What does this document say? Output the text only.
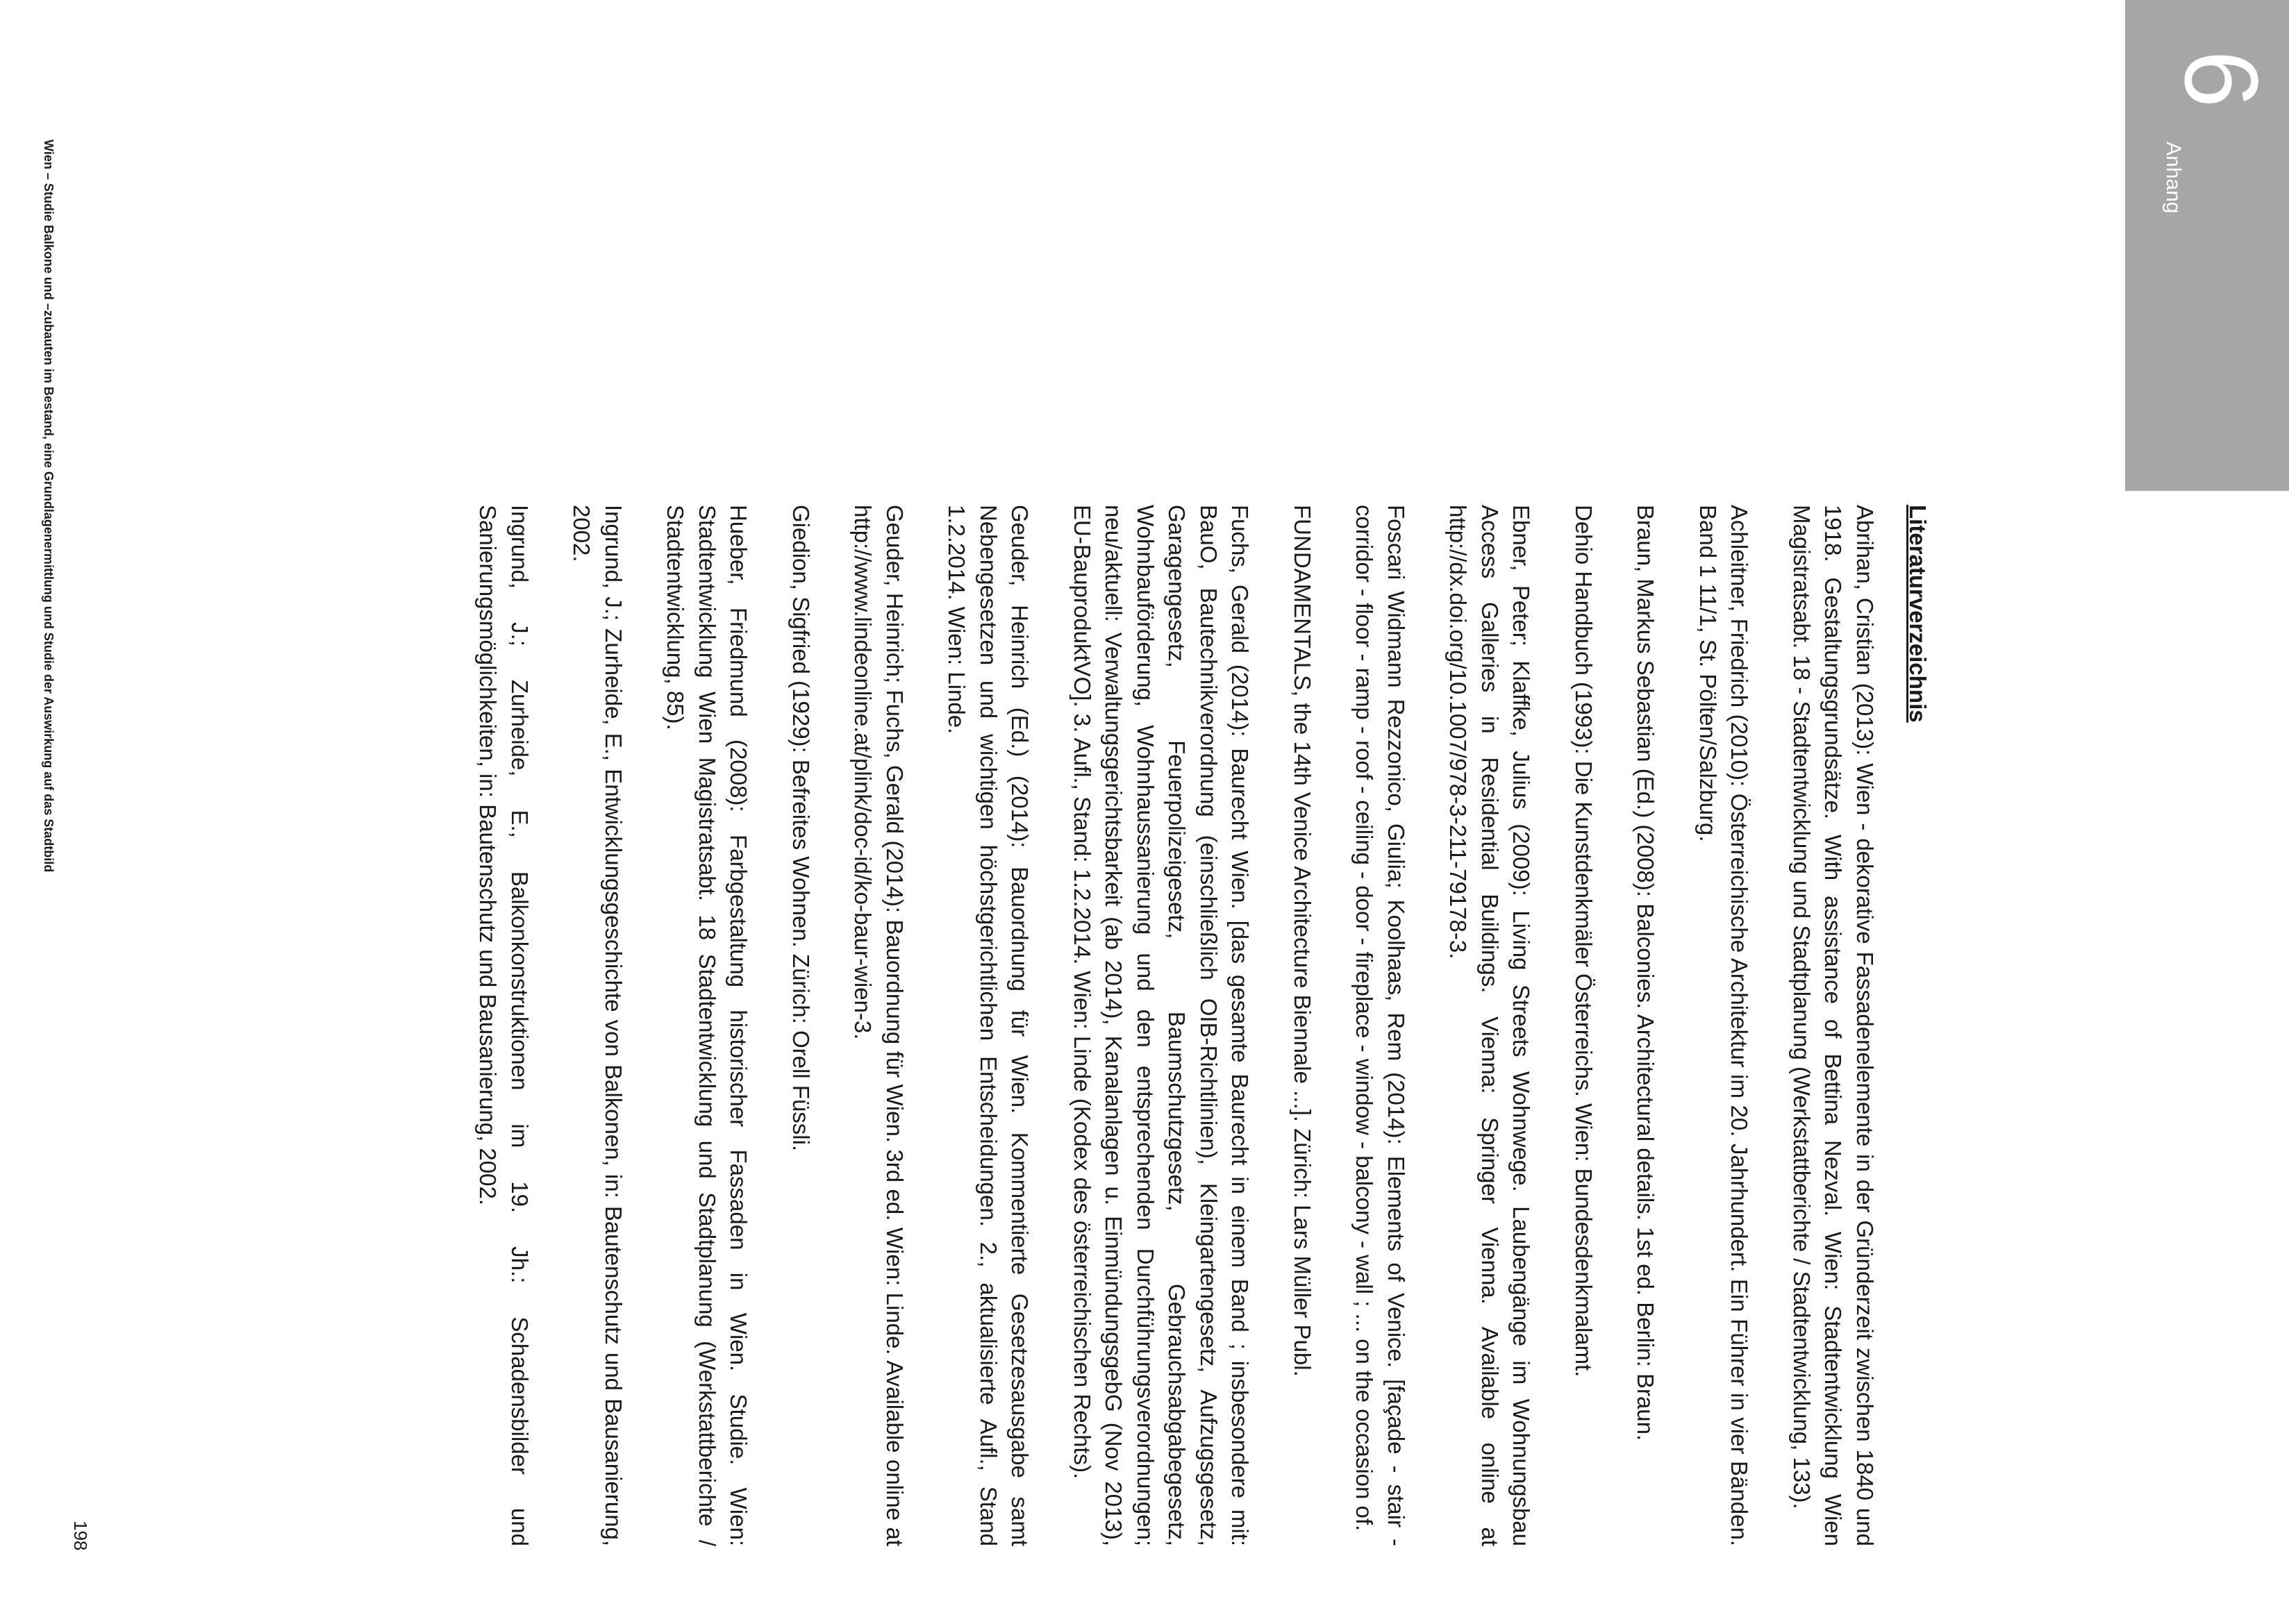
6
Anhang
Literaturverzeichnis
Abrihan, Cristian (2013): Wien - dekorative Fassadenelemente in der Gründerzeit zwischen 1840 und 1918. Gestaltungsgrundsätze. With assistance of Bettina Nezval. Wien: Stadtentwicklung Wien Magistratsabt. 18 - Stadtentwicklung und Stadtplanung (Werkstattberichte / Stadtentwicklung, 133).
Achleitner, Friedrich (2010): Österreichische Architektur im 20. Jahrhundert. Ein Führer in vier Bänden. Band 1 11/1, St. Pölten/Salzburg.
Braun, Markus Sebastian (Ed.) (2008): Balconies. Architectural details. 1st ed. Berlin: Braun.
Dehio Handbuch (1993): Die Kunstdenkmäler Österreichs. Wien: Bundesdenkmalamt.
Ebner, Peter; Klaffke, Julius (2009): Living Streets Wohnwege. Laubengänge im Wohnungsbau Access Galleries in Residential Buildings. Vienna: Springer Vienna. Available online at http://dx.doi.org/10.1007/978-3-211-79178-3.
Foscari Widmann Rezzonico, Giulia; Koolhaas, Rem (2014): Elements of Venice. [façade - stair - corridor - floor - ramp - roof - ceiling - door - fireplace - window - balcony - wall ; ... on the occasion of.
FUNDAMENTALS, the 14th Venice Architecture Biennale ...]. Zürich: Lars Müller Publ.
Fuchs, Gerald (2014): Baurecht Wien. [das gesamte Baurecht in einem Band ; insbesondere mit: BauO, Bautechnikverordnung (einschließlich OIB-Richtlinien), Kleingartengesetz, Aufzugsgesetz, Garagengesetz, Feuerpolizeigesetz, Baumschutzgesetz, Gebrauchsabgabegesetz, Wohnbauförderung, Wohnhaussanierung und den entsprechenden Durchführungsverordnungen; neu/aktuell: Verwaltungsgerichtsbarkeit (ab 2014), Kanalanlagen u. EinmündungsgebG (Nov 2013), EU-BauproduktVO]. 3. Aufl., Stand: 1.2.2014. Wien: Linde (Kodex des österreichischen Rechts).
Geuder, Heinrich (Ed.) (2014): Bauordnung für Wien. Kommentierte Gesetzesausgabe samt Nebengesetzen und wichtigen höchstgerichtlichen Entscheidungen. 2., aktualisierte Aufl., Stand 1.2.2014. Wien: Linde.
Geuder, Heinrich; Fuchs, Gerald (2014): Bauordnung für Wien. 3rd ed. Wien: Linde. Available online at http://www.lindeonline.at/plink/doc-id/ko-baur-wien-3.
Giedion, Sigfried (1929): Befreites Wohnen. Zürich: Orell Füssli.
Hueber, Friedmund (2008): Farbgestaltung historischer Fassaden in Wien. Studie. Wien: Stadtentwicklung Wien Magistratsabt. 18 Stadtentwicklung und Stadtplanung (Werkstattberichte / Stadtentwicklung, 85).
Ingrund, J.; Zurheide, E., Entwicklungsgeschichte von Balkonen, in: Bautenschutz und Bausanierung, 2002.
Ingrund, J.; Zurheide, E., Balkonkonstruktionen im 19. Jh.: Schadensbilder und Sanierungsmöglichkeiten, in: Bautenschutz und Bausanierung, 2002.
198
Wien – Studie Balkone und –zubauten im Bestand, eine Grundlagenermittlung und Studie der Auswirkung auf das Stadtbild
